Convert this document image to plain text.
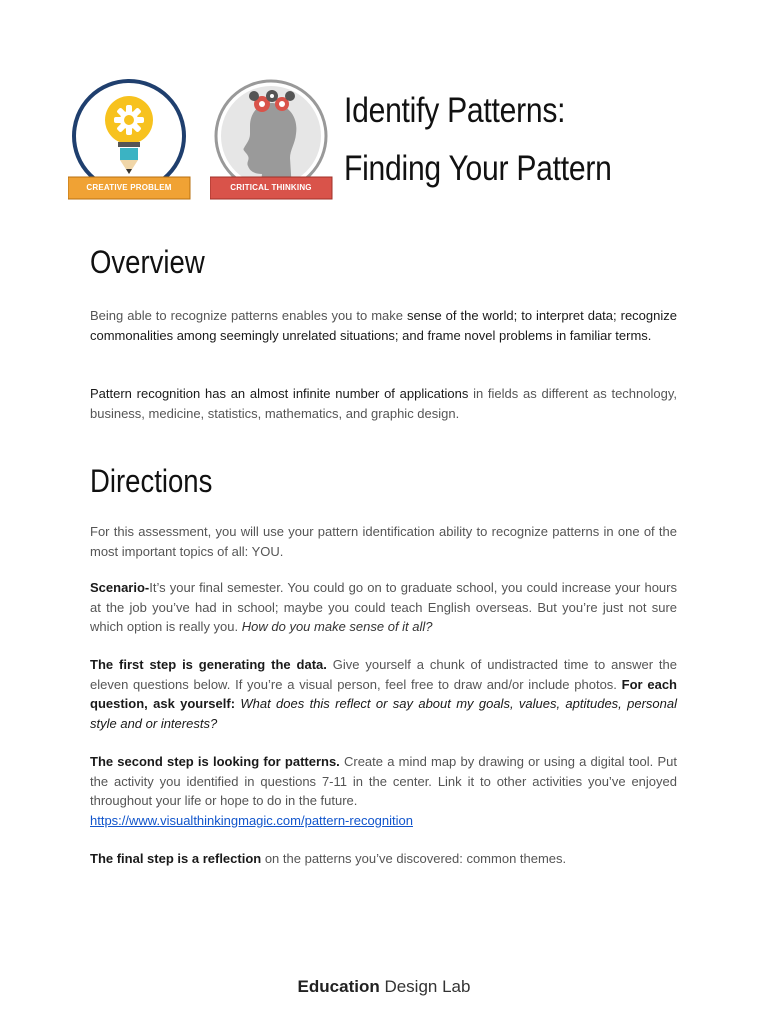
CREATIVE PROBLEM SOLVING
CRITICAL THINKING
Identify Patterns:
Finding Your Pattern
Overview
Being able to recognize patterns enables you to make sense of the world; to interpret data; recognize commonalities among seemingly unrelated situations; and frame novel problems in familiar terms.
Pattern recognition has an almost infinite number of applications in fields as different as technology, business, medicine, statistics, mathematics, and graphic design.
Directions
For this assessment, you will use your pattern identification ability to recognize patterns in one of the most important topics of all: YOU.
Scenario-It’s your final semester. You could go on to graduate school, you could increase your hours at the job you’ve had in school; maybe you could teach English overseas. But you’re just not sure which option is really you. How do you make sense of it all?
The first step is generating the data. Give yourself a chunk of undistracted time to answer the eleven questions below. If you’re a visual person, feel free to draw and/or include photos. For each question, ask yourself: What does this reflect or say about my goals, values, aptitudes, personal style and or interests?
The second step is looking for patterns. Create a mind map by drawing or using a digital tool. Put the activity you identified in questions 7-11 in the center. Link it to other activities you’ve enjoyed throughout your life or hope to do in the future.
https://www.visualthinkingmagic.com/pattern-recognition
The final step is a reflection on the patterns you’ve discovered: common themes.
Education Design Lab
